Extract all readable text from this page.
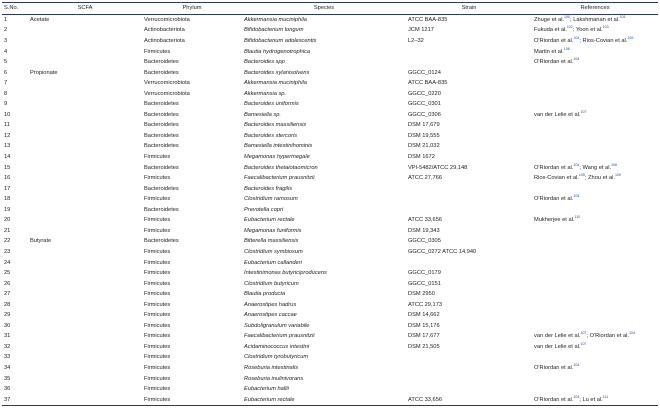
S.No.	SCFA	Phylum	Species	Strain	References
1	Acetate	Verrucomicrobiota	Akkermansia muciniphila	ATCC BAA-835	Zhuge et al.$^{100}$; Lakshmanan et al.$^{101}$
2		Actinobacteriota	Bifidobacterium longum	JCM 1217	Fukuda et al.$^{102}$; Yoon et al.$^{103}$
3		Actinobacteriota	Bifidobacterium adolescentis	L2–32	O'Riordan et al.$^{104}$; Rios-Covian et al.$^{105}$
4		Firmicutes	Blautia hydrogenotrophica		Martin et al.$^{106}$
5		Bacteroidetes	Bacteroides spp		O'Riordan et al.$^{104}$
6	Propionate	Bacteroidetes	Bacteroides xylanisolvens	GGCC_0124	
7		Verrucomicrobiota	Akkermansia muciniphila	ATCC BAA-835	
8		Verrucomicrobiota	Akkermansia sp.	GGCC_0220	
9		Bacteroidetes	Bacteroides uniformis	GGCC_0301	
10		Bacteroidetes	Bamesiella sp.	GGCC_0306	van der Lelie et al.$^{107}$
11		Bacteroidetes	Bacteroides massiliensis	DSM 17,679	
12		Bacteroidetes	Bacteroides stercoris	DSM 19,555	
13		Bacteroidetes	Bamesiella intestinihominis	DSM 21,032	
14		Firmicutes	Megamonas hypermegale	DSM 1672	
15		Bacteroidetes	Bacteroides thetaiotaomicron	VPI-5482/ATCC 29,148	O'Riordan et al.$^{104}$; Wang et al.$^{108}$
16		Firmicutes	Faecalibacterium prausnitzii	ATCC 27,766	Rios-Covian et al.$^{105}$; Zhou et al.$^{109}$
17		Bacteroidetes	Bacteroides fragilis		
18		Firmicutes	Clostridium ramosum		O'Riordan et al.$^{104}$
19		Bacteroidetes	Prevotella copri		
20		Firmicutes	Eubacterium rectale	ATCC 33,656	Mukherjee et al.$^{110}$
21		Firmicutes	Megamonas funiformis	DSM 19,343	
22	Butyrate	Bacteroidetes	Bitterella massiliensis	GGCC_0305	
23		Firmicutes	Clostridium symbiosum	GGCC_0272 ATCC 14,940	
24		Firmicutes	Eubacterium callanderi		
25		Firmicutes	Intestinimonas butyriciproducens	GGCC_0179	
26		Firmicutes	Clostridium butyricum	GGCC_0151	
27		Firmicutes	Blautia producta	DSM 2950	
28		Firmicutes	Anaerostipes hadrus	ATCC 29,173	
29		Firmicutes	Anaerostipes caccae	DSM 14,662	
30		Firmicutes	Subdoligranulum variabile	DSM 15,176	
31		Firmicutes	Faecalibacterium prausnitzii	DSM 17,677	van der Lelie et al.$^{107}$; O'Riordan et al.$^{104}$
32		Firmicutes	Acidaminococcus intestini	DSM 21,505	van der Lelie et al.$^{107}$
33		Firmicutes	Clostridium tyrobutyricum		
34		Firmicutes	Roseburia intestinalis		O'Riordan et al.$^{104}$
35		Firmicutes	Roseburia inulinivorans		
36		Firmicutes	Eubacterium hallii		
37		Firmicutes	Eubacterium rectale	ATCC 33,656	O'Riordan et al.$^{104}$; Lu et al.$^{111}$
